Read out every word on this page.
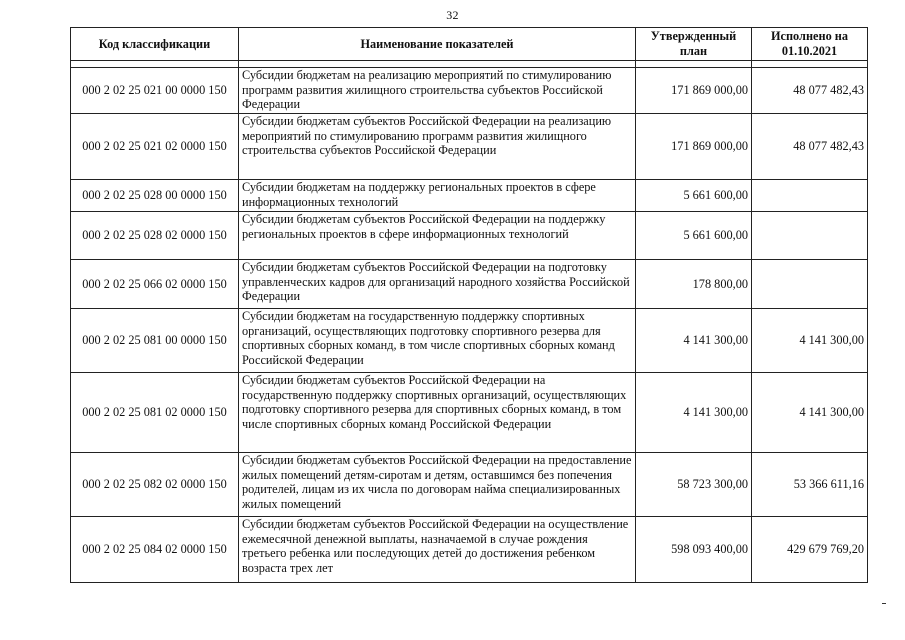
32
Код классификации	Наименование показателей	Утвержденный план	Исполнено на 01.10.2021

000 2 02 25 021 00 0000 150	Субсидии бюджетам на реализацию мероприятий по стимулированию программ развития жилищного строительства субъектов Российской Федерации	171 869 000,00	48 077 482,43
000 2 02 25 021 02 0000 150	Субсидии бюджетам субъектов Российской Федерации на реализацию мероприятий по стимулированию программ развития жилищного строительства субъектов Российской Федерации	171 869 000,00	48 077 482,43
000 2 02 25 028 00 0000 150	Субсидии бюджетам на поддержку региональных проектов в сфере информационных технологий	5 661 600,00	
000 2 02 25 028 02 0000 150	Субсидии бюджетам субъектов Российской Федерации на поддержку региональных проектов в сфере информационных технологий	5 661 600,00	
000 2 02 25 066 02 0000 150	Субсидии бюджетам субъектов Российской Федерации на подготовку управленческих кадров для организаций народного хозяйства Российской Федерации	178 800,00	
000 2 02 25 081 00 0000 150	Субсидии бюджетам на государственную поддержку спортивных организаций, осуществляющих подготовку спортивного резерва для спортивных сборных команд, в том числе спортивных сборных команд Российской Федерации	4 141 300,00	4 141 300,00
000 2 02 25 081 02 0000 150	Субсидии бюджетам субъектов Российской Федерации на государственную поддержку спортивных организаций, осуществляющих подготовку спортивного резерва для спортивных сборных команд, в том числе спортивных сборных команд Российской Федерации	4 141 300,00	4 141 300,00
000 2 02 25 082 02 0000 150	Субсидии бюджетам субъектов Российской Федерации на предоставление жилых помещений детям-сиротам и детям, оставшимся без попечения родителей, лицам из их числа по договорам найма специализированных жилых помещений	58 723 300,00	53 366 611,16
000 2 02 25 084 02 0000 150	Субсидии бюджетам субъектов Российской Федерации на осуществление ежемесячной денежной выплаты, назначаемой в случае рождения третьего ребенка или последующих детей до достижения ребенком возраста трех лет	598 093 400,00	429 679 769,20
